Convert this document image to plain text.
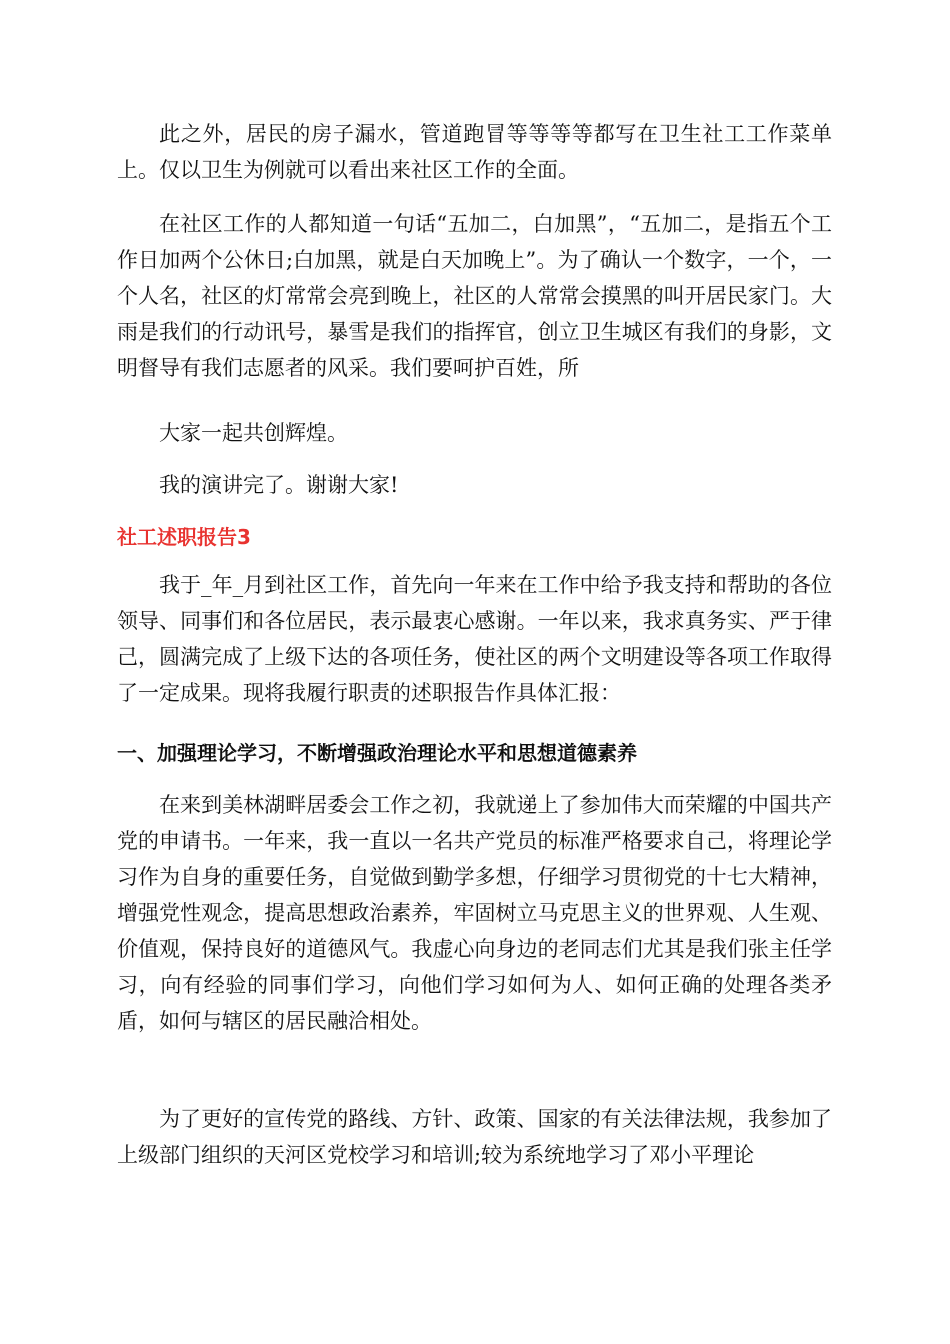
此之外，居民的房子漏水，管道跑冒等等等等都写在卫生社工工作菜单上。仅以卫生为例就可以看出来社区工作的全面。

在社区工作的人都知道一句话“五加二，白加黑”，“五加二，是指五个工作日加两个公休日;白加黑，就是白天加晚上”。为了确认一个数字，一个，一个人名，社区的灯常常会亮到晚上，社区的人常常会摸黑的叫开居民家门。大雨是我们的行动讯号，暴雪是我们的指挥官，创立卫生城区有我们的身影，文明督导有我们志愿者的风采。我们要呵护百姓，所

大家一起共创辉煌。

我的演讲完了。谢谢大家!

社工述职报告3

我于_年_月到社区工作，首先向一年来在工作中给予我支持和帮助的各位领导、同事们和各位居民，表示最衷心感谢。一年以来，我求真务实、严于律己，圆满完成了上级下达的各项任务，使社区的两个文明建设等各项工作取得了一定成果。现将我履行职责的述职报告作具体汇报：

一、加强理论学习，不断增强政治理论水平和思想道德素养

在来到美林湖畔居委会工作之初，我就递上了参加伟大而荣耀的中国共产党的申请书。一年来，我一直以一名共产党员的标准严格要求自己，将理论学习作为自身的重要任务，自觉做到勤学多想，仔细学习贯彻党的十七大精神，增强党性观念，提高思想政治素养，牢固树立马克思主义的世界观、人生观、价值观，保持良好的道德风气。我虚心向身边的老同志们尤其是我们张主任学习，向有经验的同事们学习，向他们学习如何为人、如何正确的处理各类矛盾，如何与辖区的居民融洽相处。

为了更好的宣传党的路线、方针、政策、国家的有关法律法规，我参加了上级部门组织的天河区党校学习和培训;较为系统地学习了邓小平理论
